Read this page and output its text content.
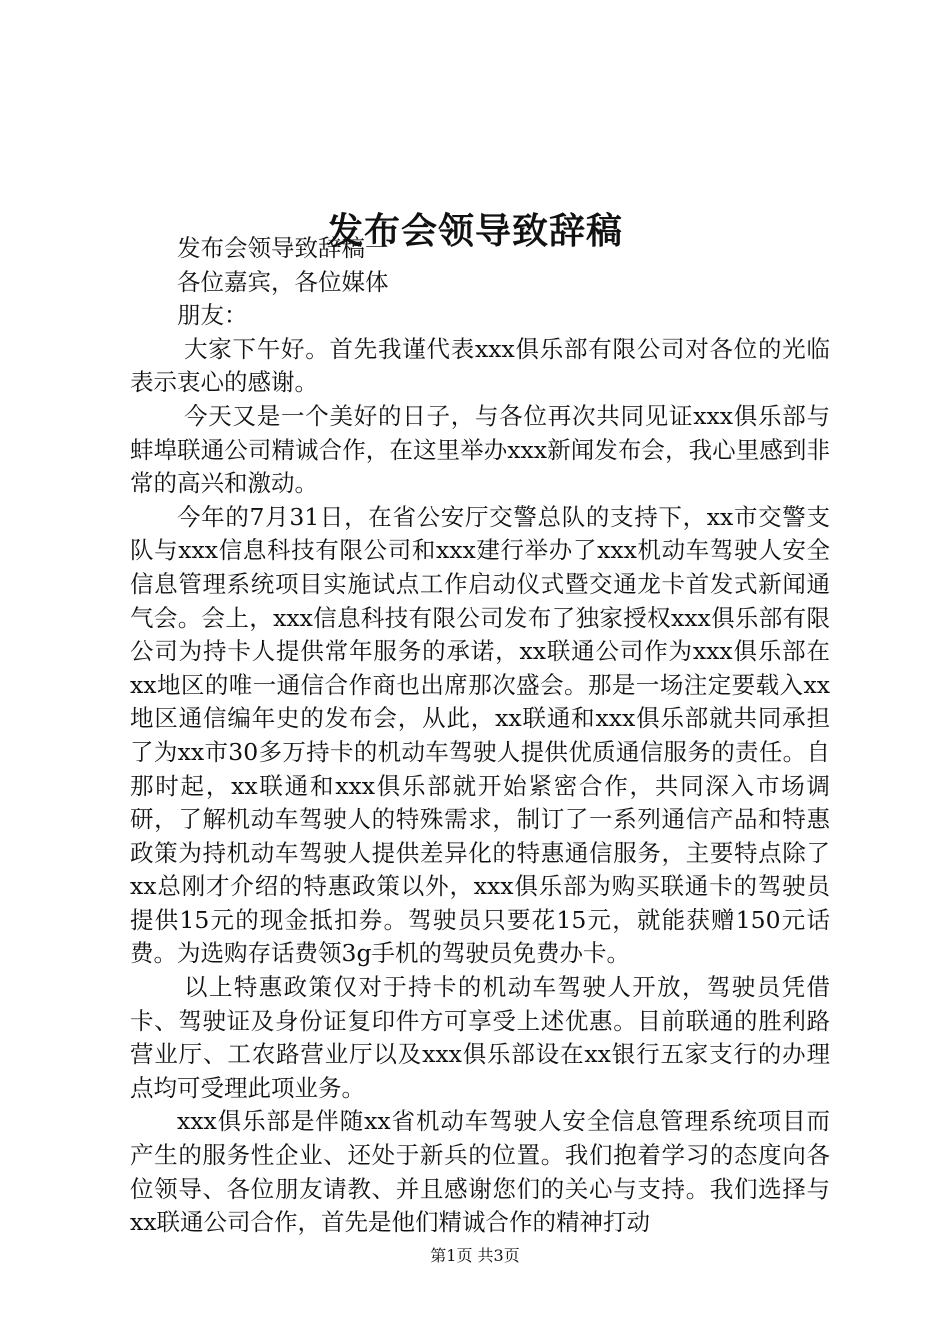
发布会领导致辞稿

发布会领导致辞稿一

各位嘉宾，各位媒体

朋友：

大家下午好。首先我谨代表xxx俱乐部有限公司对各位的光临表示衷心的感谢。

今天又是一个美好的日子，与各位再次共同见证xxx俱乐部与蚌埠联通公司精诚合作，在这里举办xxx新闻发布会，我心里感到非常的高兴和激动。

今年的7月31日，在省公安厅交警总队的支持下，xx市交警支队与xxx信息科技有限公司和xxx建行举办了xxx机动车驾驶人安全信息管理系统项目实施试点工作启动仪式暨交通龙卡首发式新闻通气会。会上，xxx信息科技有限公司发布了独家授权xxx俱乐部有限公司为持卡人提供常年服务的承诺，xx联通公司作为xxx俱乐部在xx地区的唯一通信合作商也出席那次盛会。那是一场注定要载入xx地区通信编年史的发布会，从此，xx联通和xxx俱乐部就共同承担了为xx市30多万持卡的机动车驾驶人提供优质通信服务的责任。自那时起，xx联通和xxx俱乐部就开始紧密合作，共同深入市场调研，了解机动车驾驶人的特殊需求，制订了一系列通信产品和特惠政策为持机动车驾驶人提供差异化的特惠通信服务，主要特点除了xx总刚才介绍的特惠政策以外，xxx俱乐部为购买联通卡的驾驶员提供15元的现金抵扣券。驾驶员只要花15元，就能获赠150元话费。为选购存话费领3g手机的驾驶员免费办卡。

以上特惠政策仅对于持卡的机动车驾驶人开放，驾驶员凭借卡、驾驶证及身份证复印件方可享受上述优惠。目前联通的胜利路营业厅、工农路营业厅以及xxx俱乐部设在xx银行五家支行的办理点均可受理此项业务。

xxx俱乐部是伴随xx省机动车驾驶人安全信息管理系统项目而产生的服务性企业、还处于新兵的位置。我们抱着学习的态度向各位领导、各位朋友请教、并且感谢您们的关心与支持。我们选择与xx联通公司合作，首先是他们精诚合作的精神打动

第1页 共3页
